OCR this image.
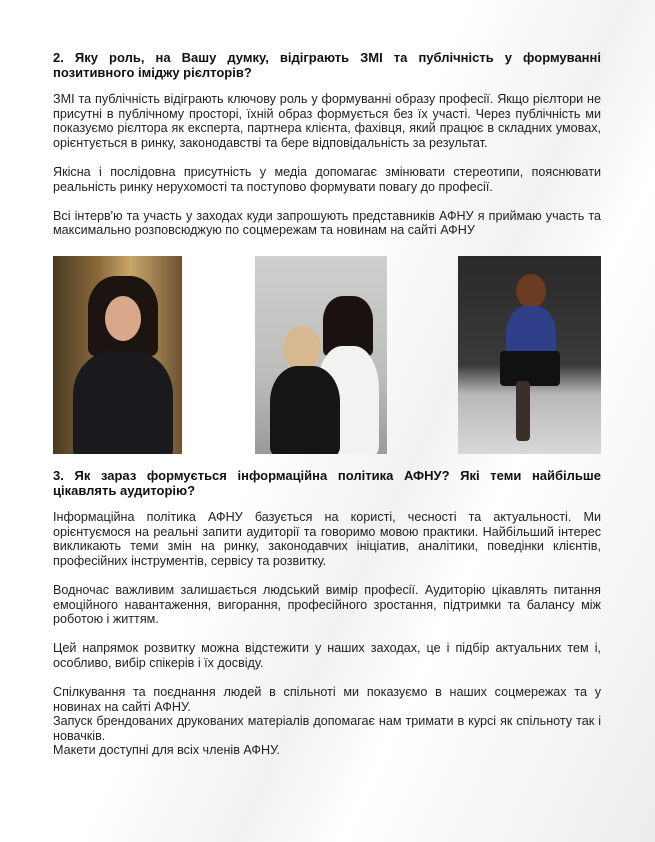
2. Яку роль, на Вашу думку, відіграють ЗМІ та публічність у формуванні позитивного іміджу рієлторів?

ЗМІ та публічність відіграють ключову роль у формуванні образу професії. Якщо рієлтори не присутні в публічному просторі, їхній образ формується без їх участі. Через публічність ми показуємо рієлтора як експерта, партнера клієнта, фахівця, який працює в складних умовах, орієнтується в ринку, законодавстві та бере відповідальність за результат.

Якісна і послідовна присутність у медіа допомагає змінювати стереотипи, пояснювати реальність ринку нерухомості та поступово формувати повагу до професії.

Всі інтерв'ю та участь у заходах куди запрошують представників АФНУ я приймаю участь та максимально розповсюджую по соцмережам та новинам на сайті АФНУ

3. Як зараз формується інформаційна політика АФНУ? Які теми найбільше цікавлять аудиторію?

Інформаційна політика АФНУ базується на користі, чесності та актуальності. Ми орієнтуємося на реальні запити аудиторії та говоримо мовою практики. Найбільший інтерес викликають теми змін на ринку, законодавчих ініціатив, аналітики, поведінки клієнтів, професійних інструментів, сервісу та розвитку.

Водночас важливим залишається людський вимір професії. Аудиторію цікавлять питання емоційного навантаження, вигорання, професійного зростання, підтримки та балансу між роботою і життям.

Цей напрямок розвитку можна відстежити у наших заходах, це і підбір актуальних тем і, особливо, вибір спікерів і їх досвіду.

Спілкування та поєднання людей в спільноті ми показуємо в наших соцмережах та у новинах на сайті АФНУ.

Запуск брендованих друкованих матеріалів допомагає нам тримати в курсі як спільноту так і новачків.

Макети доступні для всіх членів АФНУ.
